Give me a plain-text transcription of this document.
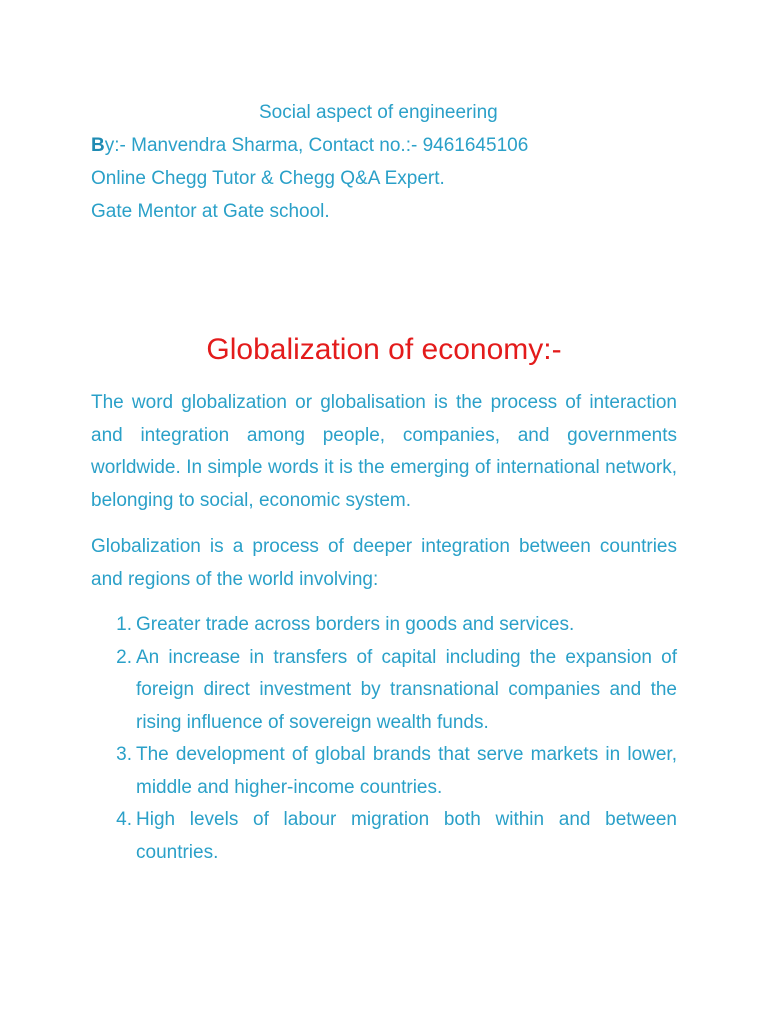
Social aspect of engineering
By:- Manvendra Sharma, Contact no.:- 9461645106
Online Chegg Tutor & Chegg Q&A Expert.
Gate Mentor at Gate school.
Globalization of economy:-
The word globalization or globalisation is the process of interaction and integration among people, companies, and governments worldwide. In simple words it is the emerging of international network, belonging to social, economic system.
Globalization is a process of deeper integration between countries and regions of the world involving:
1. Greater trade across borders in goods and services.
2. An increase in transfers of capital including the expansion of foreign direct investment by transnational companies and the rising influence of sovereign wealth funds.
3. The development of global brands that serve markets in lower, middle and higher-income countries.
4. High levels of labour migration both within and between countries.
